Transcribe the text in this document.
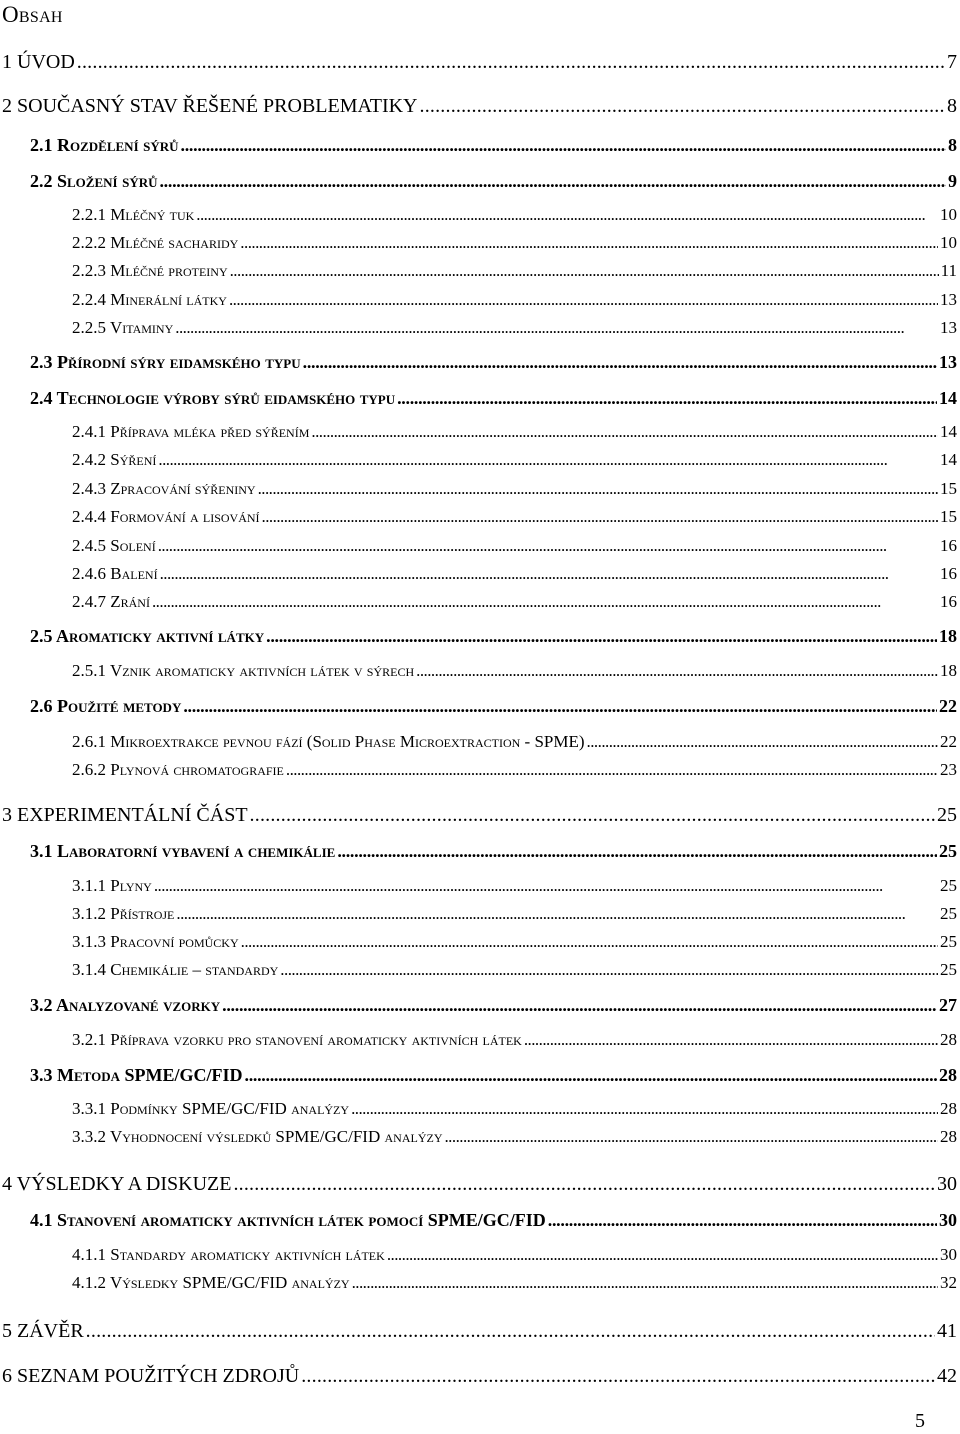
Obsah
1 ÚVOD . . .	7
2 SOUČASNÝ STAV ŘEŠENÉ PROBLEMATIKY . . .	8
2.1 Rozdělení sýrů . . .	8
2.2 Složení sýrů . . .	9
2.2.1 Mléčný tuk . . .	10
2.2.2 Mléčné sacharidy . . .	10
2.2.3 Mléčné proteiny . . .	11
2.2.4 Minerální látky . . .	13
2.2.5 Vitaminy . . .	13
2.3 Přírodní sýry eidamského typu . . .	13
2.4 Technologie výroby sýrů eidamského typu . . .	14
2.4.1 Příprava mléka před sýřením . . .	14
2.4.2 Sýření . . .	14
2.4.3 Zpracování sýřeniny . . .	15
2.4.4 Formování a lisování . . .	15
2.4.5 Solení . . .	16
2.4.6 Balení . . .	16
2.4.7 Zrání . . .	16
2.5 Aromaticky aktivní látky . . .	18
2.5.1 Vznik aromaticky aktivních látek v sýrech . . .	18
2.6 Použité metody . . .	22
2.6.1 Mikroextrakce pevnou fází (Solid Phase Microextraction - SPME) . . .	22
2.6.2 Plynová chromatografie . . .	23
3 EXPERIMENTÁLNÍ ČÁST . . .	25
3.1 Laboratorní vybavení a chemikálie . . .	25
3.1.1 Plyny . . .	25
3.1.2 Přístroje . . .	25
3.1.3 Pracovní pomůcky . . .	25
3.1.4 Chemikálie – standardy . . .	25
3.2 Analyzované vzorky . . .	27
3.2.1 Příprava vzorku pro stanovení aromaticky aktivních látek . . .	28
3.3 Metoda SPME/GC/FID . . .	28
3.3.1 Podmínky SPME/GC/FID analýzy . . .	28
3.3.2 Vyhodnocení výsledků SPME/GC/FID analýzy . . .	28
4 VÝSLEDKY A DISKUZE . . .	30
4.1 Stanovení aromaticky aktivních látek pomocí SPME/GC/FID . . .	30
4.1.1 Standardy aromaticky aktivních látek . . .	30
4.1.2 Výsledky SPME/GC/FID analýzy . . .	32
5 ZÁVĚR . . .	41
6 SEZNAM POUŽITÝCH ZDROJŮ . . .	42
5
